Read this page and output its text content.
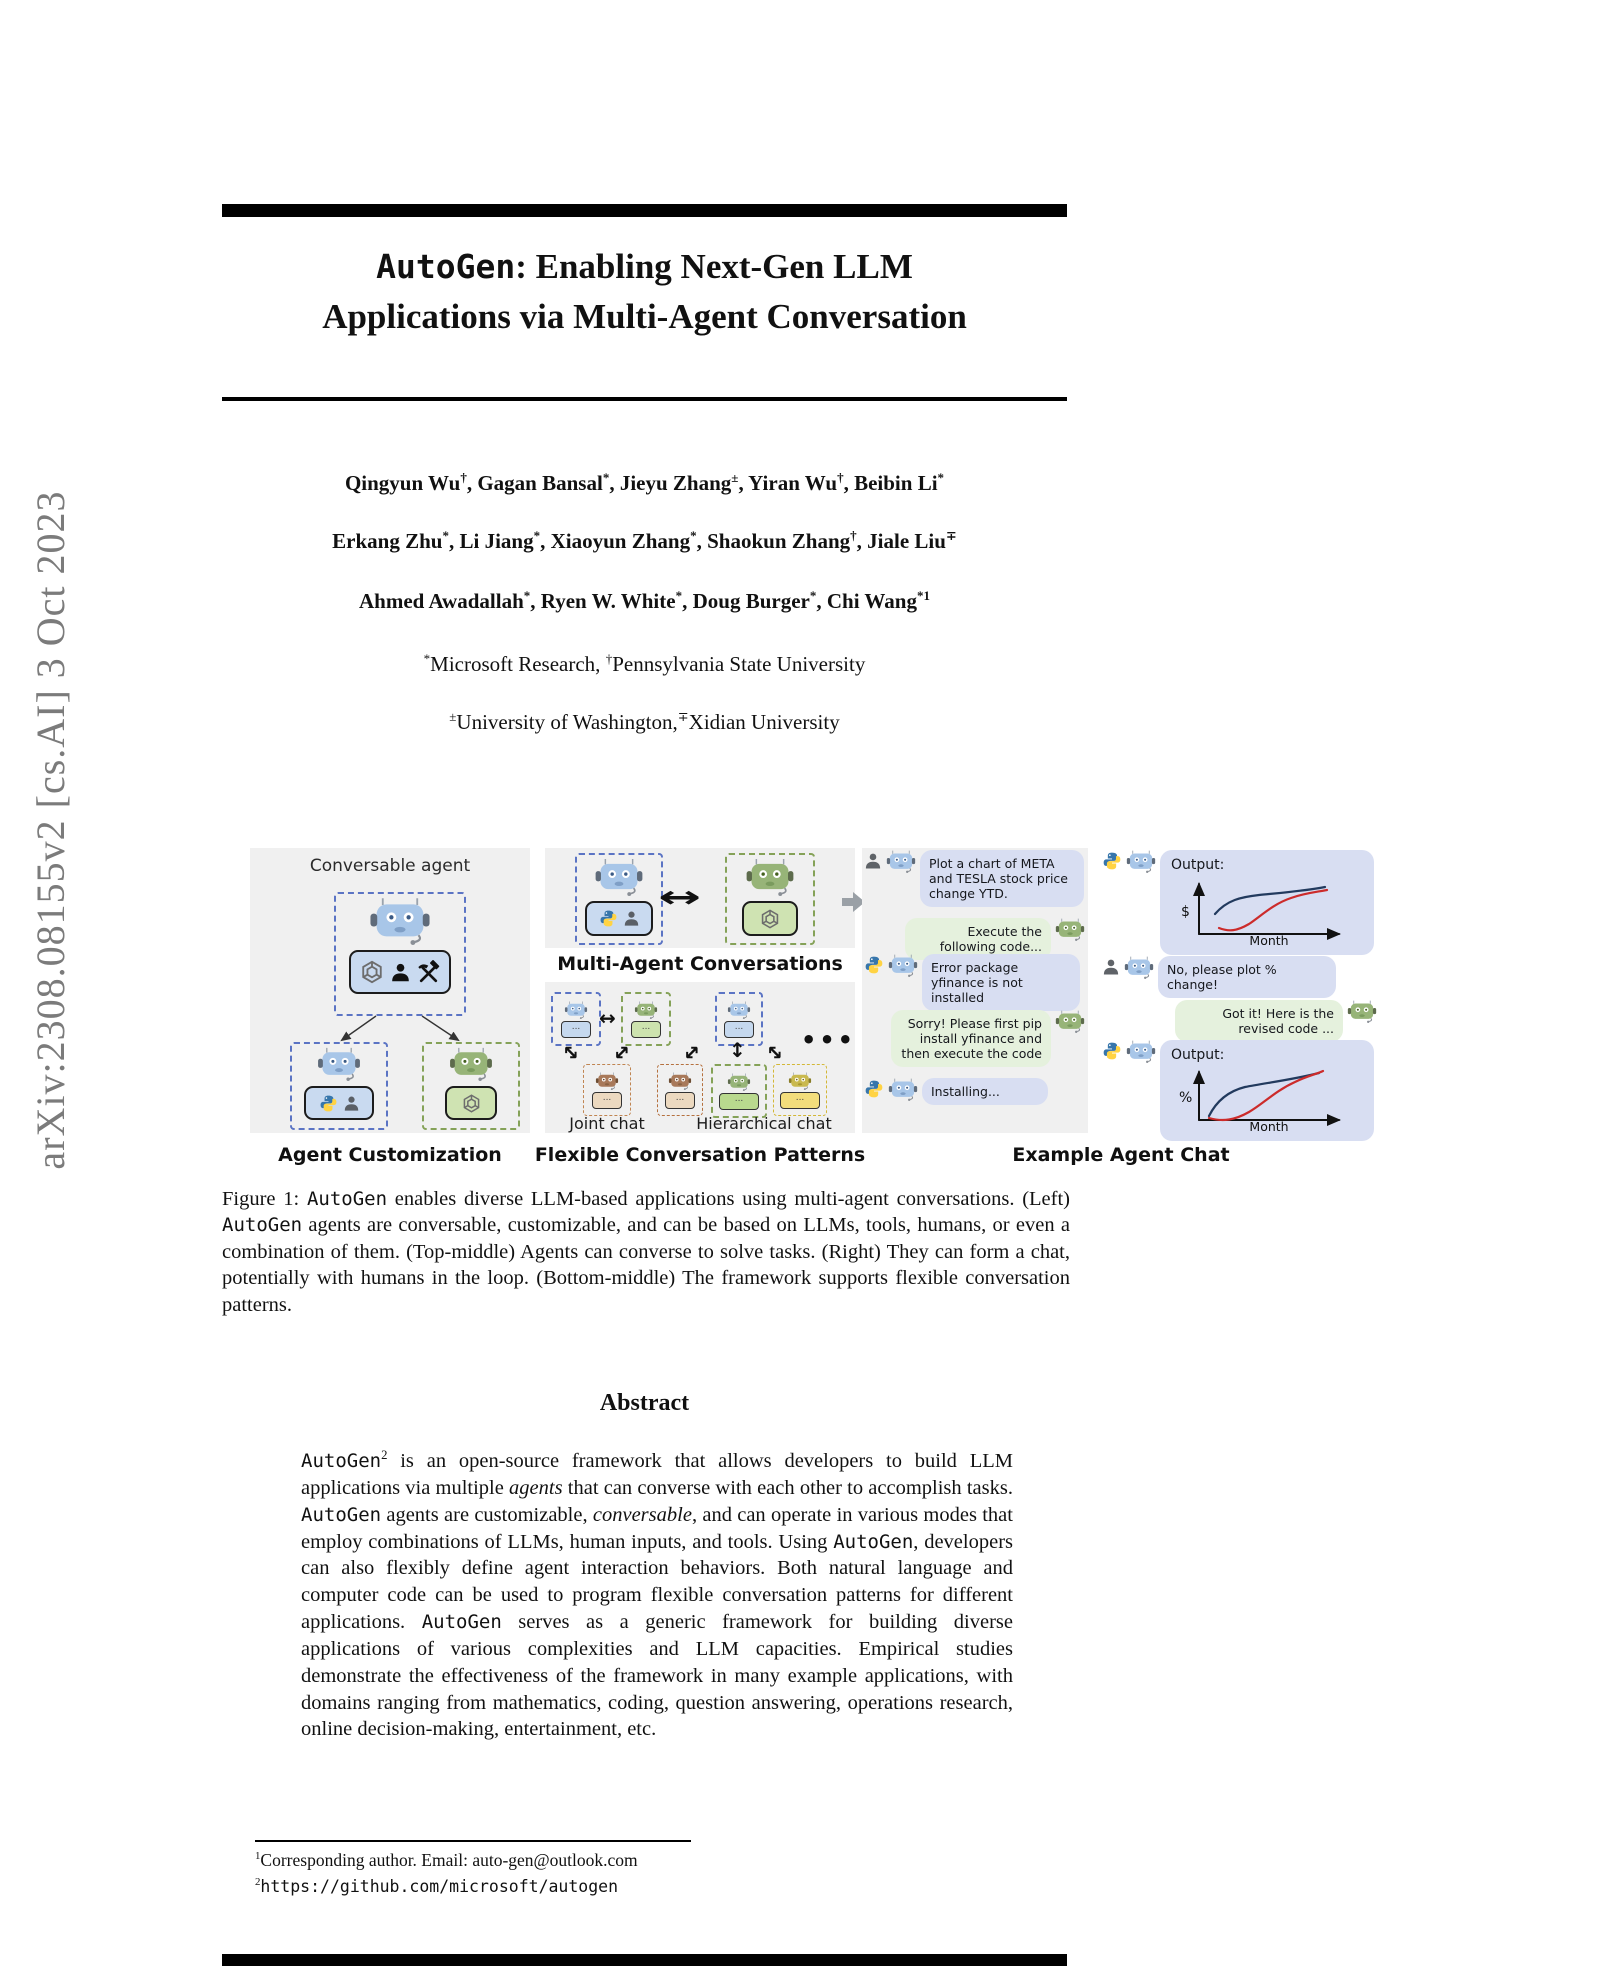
arXiv:2308.08155v2 [cs.AI] 3 Oct 2023
AutoGen: Enabling Next-Gen LLM
Applications via Multi-Agent Conversation
Qingyun Wu†, Gagan Bansal*, Jieyu Zhang±, Yiran Wu†, Beibin Li*
Erkang Zhu*, Li Jiang*, Xiaoyun Zhang*, Shaokun Zhang†, Jiale Liu∓
Ahmed Awadallah*, Ryen W. White*, Doug Burger*, Chi Wang$^{*1}$
*Microsoft Research, †Pennsylvania State University
±University of Washington,∓Xidian University
Conversable agent
Agent Customization
↔
Multi-Agent Conversations
... ↔	...
↔ ↔
...
Joint chat
...
↔ ↕ ↔
...	...	...
Hierarchical chat
•••
Flexible Conversation Patterns
Plot a chart of META and TESLA stock price change YTD.
Execute the following code...
Error package yfinance is not installed
Sorry! Please first pip install yfinance and then execute the code
Installing...
Output:
$
Month
No, please plot % change!
Got it! Here is the revised code ...
Output:
%
Month
Example Agent Chat

Figure 1: AutoGen enables diverse LLM-based applications using multi-agent conversations. (Left) AutoGen agents are conversable, customizable, and can be based on LLMs, tools, humans, or even a combination of them. (Top-middle) Agents can converse to solve tasks. (Right) They can form a chat, potentially with humans in the loop. (Bottom-middle) The framework supports flexible conversation patterns.

Abstract

AutoGen$^2$ is an open-source framework that allows developers to build LLM applications via multiple agents that can converse with each other to accomplish tasks. AutoGen agents are customizable, conversable, and can operate in various modes that employ combinations of LLMs, human inputs, and tools. Using AutoGen, developers can also flexibly define agent interaction behaviors. Both natural language and computer code can be used to program flexible conversation patterns for different applications. AutoGen serves as a generic framework for building diverse applications of various complexities and LLM capacities. Empirical studies demonstrate the effectiveness of the framework in many example applications, with domains ranging from mathematics, coding, question answering, operations research, online decision-making, entertainment, etc.

$^1$Corresponding author. Email: auto-gen@outlook.com
$^2$https://github.com/microsoft/autogen
